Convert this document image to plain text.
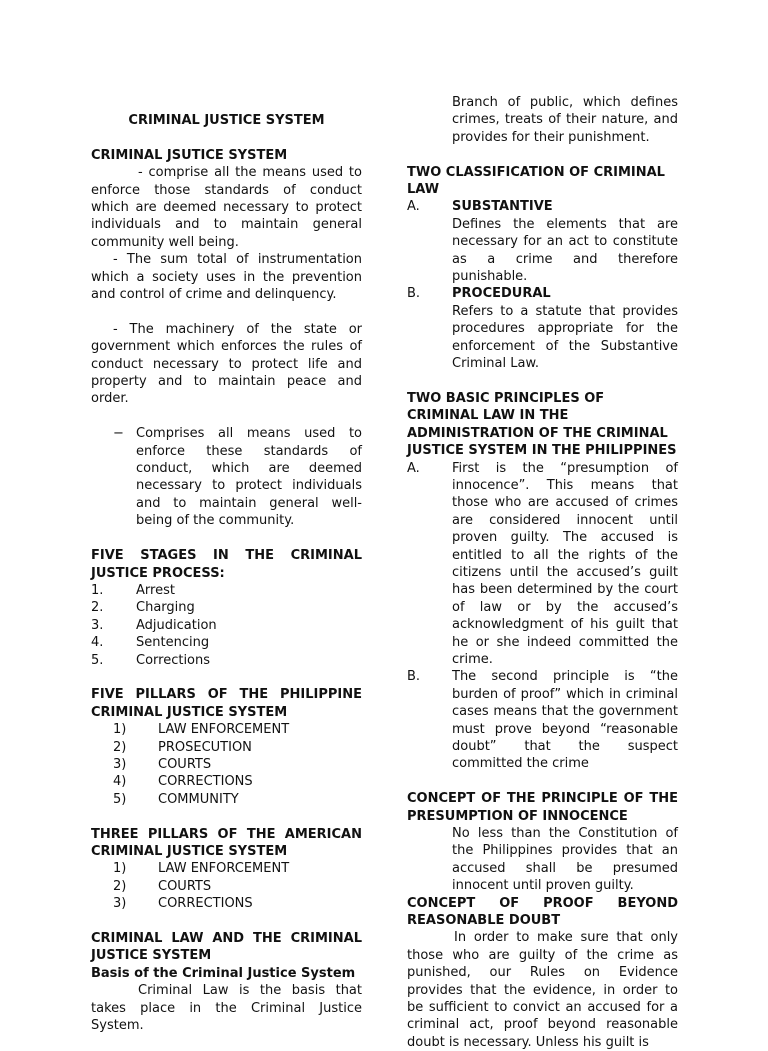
CRIMINAL JUSTICE SYSTEM

CRIMINAL JSUTICE SYSTEM

- comprise all the means used to enforce those standards of conduct which are deemed necessary to protect individuals and to maintain general community well being.

- The sum total of instrumentation which a society uses in the prevention and control of crime and delinquency.

- The machinery of the state or government which enforces the rules of conduct necessary to protect life and property and to maintain peace and order.

− Comprises all means used to enforce these standards of conduct, which are deemed necessary to protect individuals and to maintain general well-being of the community.

FIVE STAGES IN THE CRIMINAL JUSTICE PROCESS:

1.	Arrest
2.	Charging
3.	Adjudication
4.	Sentencing
5.	Corrections

FIVE PILLARS OF THE PHILIPPINE CRIMINAL JUSTICE SYSTEM

1)	LAW ENFORCEMENT
2)	PROSECUTION
3)	COURTS
4)	CORRECTIONS
5)	COMMUNITY

THREE PILLARS OF THE AMERICAN CRIMINAL JUSTICE SYSTEM

1)	LAW ENFORCEMENT
2)	COURTS
3)	CORRECTIONS

CRIMINAL LAW AND THE CRIMINAL JUSTICE SYSTEM

Basis of the Criminal Justice System

Criminal Law is the basis that takes place in the Criminal Justice System.

Branch of public, which defines crimes, treats of their nature, and provides for their punishment.

TWO CLASSIFICATION OF CRIMINAL LAW

A.	SUBSTANTIVE

Defines the elements that are necessary for an act to constitute as a crime and therefore punishable.

B.	PROCEDURAL

Refers to a statute that provides procedures appropriate for the enforcement of the Substantive Criminal Law.

TWO BASIC PRINCIPLES OF CRIMINAL LAW IN THE ADMINISTRATION OF THE CRIMINAL JUSTICE SYSTEM IN THE PHILIPPINES

A.	First is the “presumption of innocence”. This means that those who are accused of crimes are considered innocent until proven guilty. The accused is entitled to all the rights of the citizens until the accused’s guilt has been determined by the court of law or by the accused’s acknowledgment of his guilt that he or she indeed committed the crime.

B.	The second principle is “the burden of proof” which in criminal cases means that the government must prove beyond “reasonable doubt” that the suspect committed the crime

CONCEPT OF THE PRINCIPLE OF THE PRESUMPTION OF INNOCENCE

No less than the Constitution of the Philippines provides that an accused shall be presumed innocent until proven guilty.

CONCEPT OF PROOF BEYOND REASONABLE DOUBT

In order to make sure that only those who are guilty of the crime as punished, our Rules on Evidence provides that the evidence, in order to be sufficient to convict an accused for a criminal act, proof beyond reasonable doubt is necessary. Unless his guilt is
